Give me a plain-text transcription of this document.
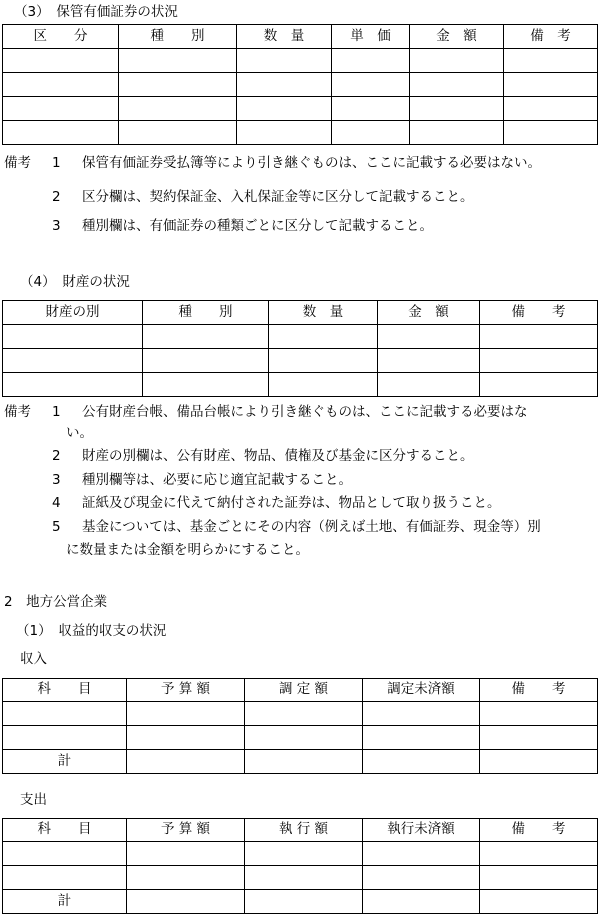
（3）　保管有価証券の状況
区　　分	種　　別	数　量	単　価	金　額	備　考

備考	1	保管有価証券受払簿等により引き継ぐものは、ここに記載する必要はない。
2	区分欄は、契約保証金、入札保証金等に区分して記載すること。
3	種別欄は、有価証券の種類ごとに区分して記載すること。
（4）　財産の状況
財産の別	種　　別	数　量	金　額	備　　考

備考	1	公有財産台帳、備品台帳により引き継ぐものは、ここに記載する必要はな
い。
2	財産の別欄は、公有財産、物品、債権及び基金に区分すること。
3	種別欄等は、必要に応じ適宜記載すること。
4	証紙及び現金に代えて納付された証券は、物品として取り扱うこと。
5	基金については、基金ごとにその内容（例えば土地、有価証券、現金等）別
に数量または金額を明らかにすること。
2　地方公営企業
（1）　収益的収支の状況
収入
科　　目	予 算 額	調 定 額	調定未済額	備　　考

計				
支出
科　　目	予 算 額	執 行 額	執行未済額	備　　考

計				
